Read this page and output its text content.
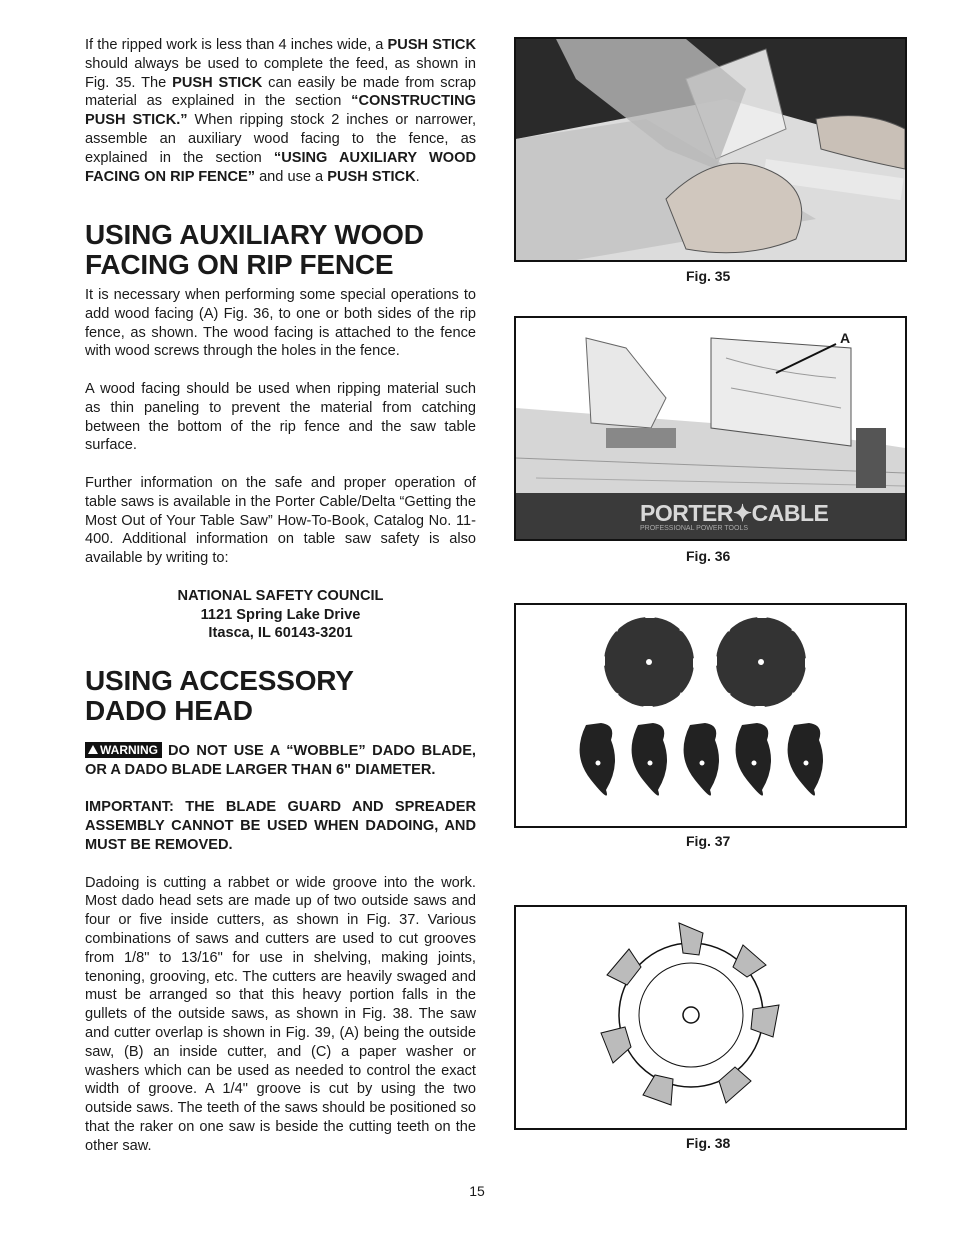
If the ripped work is less than 4 inches wide, a PUSH STICK should always be used to complete the feed, as shown in Fig. 35. The PUSH STICK can easily be made from scrap material as explained in the section “CONSTRUCTING PUSH STICK.” When ripping stock 2 inches or narrower, assemble an auxiliary wood facing to the fence, as explained in the section “USING AUXILIARY WOOD FACING ON RIP FENCE” and use a PUSH STICK.

USING AUXILIARY WOOD

FACING ON RIP FENCE

It is necessary when performing some special operations to add wood facing (A) Fig. 36, to one or both sides of the rip fence, as shown. The wood facing is attached to the fence with wood screws through the holes in the fence.

A wood facing should be used when ripping material such as thin paneling to prevent the material from catching between the bottom of the rip fence and the saw table surface.

Further information on the safe and proper operation of table saws is available in the Porter Cable/Delta “Getting the Most Out of Your Table Saw” How-To-Book, Catalog No. 11-400. Additional information on table saw safety is also available by writing to:

NATIONAL SAFETY COUNCIL
1121 Spring Lake Drive
Itasca, IL 60143-3201

USING ACCESSORY

DADO HEAD

WARNING DO NOT USE A “WOBBLE” DADO BLADE, OR A DADO BLADE LARGER THAN 6" DIAMETER.

IMPORTANT: THE BLADE GUARD AND SPREADER ASSEMBLY CANNOT BE USED WHEN DADOING, AND MUST BE REMOVED.

Dadoing is cutting a rabbet or wide groove into the work. Most dado head sets are made up of two outside saws and four or five inside cutters, as shown in Fig. 37. Various combinations of saws and cutters are used to cut grooves from 1/8" to 13/16" for use in shelving, making joints, tenoning, grooving, etc. The cutters are heavily swaged and must be arranged so that this heavy portion falls in the gullets of the outside saws, as shown in Fig. 38. The saw and cutter overlap is shown in Fig. 39, (A) being the outside saw, (B) an inside cutter, and (C) a paper washer or washers which can be used as needed to control the exact width of groove. A 1/4" groove is cut by using the two outside saws. The teeth of the saws should be positioned so that the raker on one saw is beside the cutting teeth on the other saw.

Fig. 35
A
PORTER✦CABLE
PROFESSIONAL POWER TOOLS
Fig. 36
Fig. 37
Fig. 38
15
